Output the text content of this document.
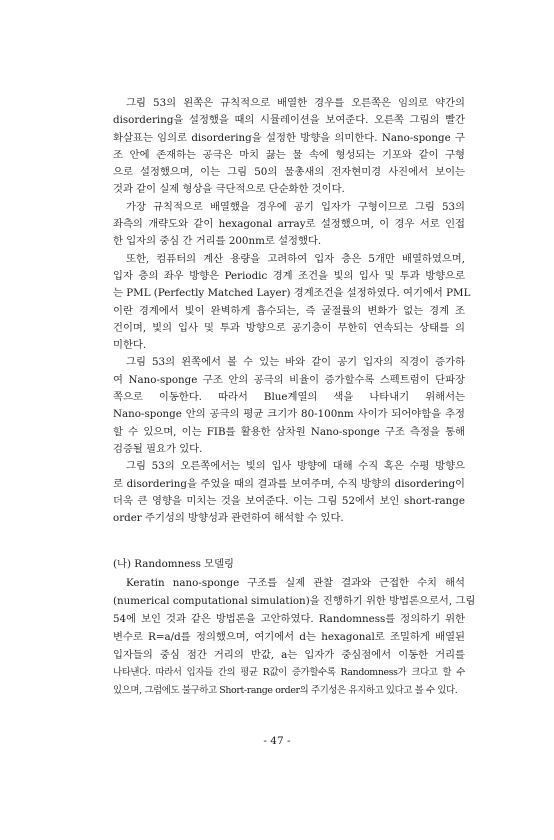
그림 53의 왼쪽은 규칙적으로 배열한 경우를 오른쪽은 임의로 약간의
disordering을 설정했을 때의 시뮬레이션을 보여준다. 오른쪽 그림의 빨간
화살표는 임의로 disordering을 설정한 방향을 의미한다. Nano-sponge 구
조 안에 존재하는 공극은 마치 끓는 물 속에 형성되는 기포와 같이 구형
으로 설정했으며, 이는 그림 50의 물총새의 전자현미경 사진에서 보이는
것과 같이 실제 형상을 극단적으로 단순화한 것이다.
가장 규칙적으로 배열했을 경우에 공기 입자가 구형이므로 그림 53의
좌측의 개략도와 같이 hexagonal array로 설정했으며, 이 경우 서로 인접
한 입자의 중심 간 거리를 200nm로 설정했다.
또한, 컴퓨터의 계산 용량을 고려하여 입자 층은 5개만 배열하였으며,
입자 층의 좌우 방향은 Periodic 경계 조건을 빛의 입사 및 투과 방향으로
는 PML (Perfectly Matched Layer) 경계조건을 설정하였다. 여기에서 PML
이란 경계에서 빛이 완벽하게 흡수되는, 즉 굴절률의 변화가 없는 경계 조
건이며, 빛의 입사 및 투과 방향으로 공기층이 무한히 연속되는 상태를 의
미한다.
그림 53의 왼쪽에서 볼 수 있는 바와 같이 공기 입자의 직경이 증가하
여 Nano-sponge 구조 안의 공극의 비율이 증가할수록 스펙트럼이 단파장
쪽으로 이동한다. 따라서 Blue계열의 색을 나타내기 위해서는
Nano-sponge 안의 공극의 평균 크기가 80-100nm 사이가 되어야함을 추정
할 수 있으며, 이는 FIB를 활용한 삼차원 Nano-sponge 구조 측정을 통해
검증될 필요가 있다.
그림 53의 오른쪽에서는 빛의 입사 방향에 대해 수직 혹은 수평 방향으
로 disordering을 주었을 때의 결과를 보여주며, 수직 방향의 disordering이
더욱 큰 영향을 미치는 것을 보여준다. 이는 그림 52에서 보인 short-range
order 주기성의 방향성과 관련하여 해석할 수 있다.
(나) Randomness 모델링
Keratin nano-sponge 구조를 실제 관찰 결과와 근접한 수치 해석
(numerical computational simulation)을 진행하기 위한 방법론으로서, 그림
54에 보인 것과 같은 방법론을 고안하였다. Randomness를 정의하기 위한
변수로 R=a/d를 정의했으며, 여기에서 d는 hexagonal로 조밀하게 배열된
입자들의 중심 점간 거리의 반값, a는 입자가 중심점에서 이동한 거리를
나타낸다. 따라서 입자들 간의 평균 R값이 증가할수록 Randomness가 크다고 할 수
있으며, 그럼에도 불구하고 Short-range order의 주기성은 유지하고 있다고 볼 수 있다.
- 47 -
